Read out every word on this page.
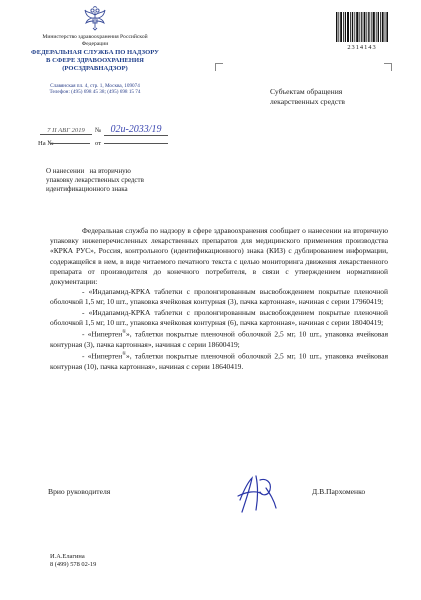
Министерство здравоохранения Российской Федерации
ФЕДЕРАЛЬНАЯ СЛУЖБА ПО НАДЗОРУ
В СФЕРЕ ЗДРАВООХРАНЕНИЯ
(РОСЗДРАВНАДЗОР)
Славянская пл. 4, стр. 1, Москва, 109074
Телефон: (495) 698 45 38; (495) 698 15 74
7 II АВГ 2019	№ 02и-2033/19
На №	от
2314143
Субъектам обращения
лекарственных средств
О нанесении   на вторичную
упаковку лекарственных средств
идентификационного знака

Федеральная служба по надзору в сфере здравоохранения сообщает о нанесении на вторичную упаковку нижеперечисленных лекарственных препаратов для медицинского применения производства «КРКА РУС», Россия, контрольного (идентификационного) знака (КИЗ) с дублированием информации, содержащейся в нем, в виде читаемого печатного текста с целью мониторинга движения лекарственного препарата от производителя до конечного потребителя, в связи с утверждением нормативной документации:

- «Индапамид-КРКА таблетки с пролонгированным высвобождением покрытые пленочной оболочкой 1,5 мг, 10 шт., упаковка ячейковая контурная (3), пачка картонная», начиная с серии 17960419;

- «Индапамид-КРКА таблетки с пролонгированным высвобождением покрытые пленочной оболочкой 1,5 мг, 10 шт., упаковка ячейковая контурная (6), пачка картонная», начиная с серии 18040419;

- «Нипертен®», таблетки покрытые пленочной оболочкой 2,5 мг, 10 шт., упаковка ячейковая контурная (3), пачка картонная», начиная с серии 18600419;

- «Нипертен®», таблетки покрытые пленочной оболочкой 2,5 мг, 10 шт., упаковка ячейковая контурная (10), пачка картонная», начиная с серии 18640419.

Врио руководителя	Д.В.Пархоменко
И.А.Елагина
8 (499) 578 02-19
